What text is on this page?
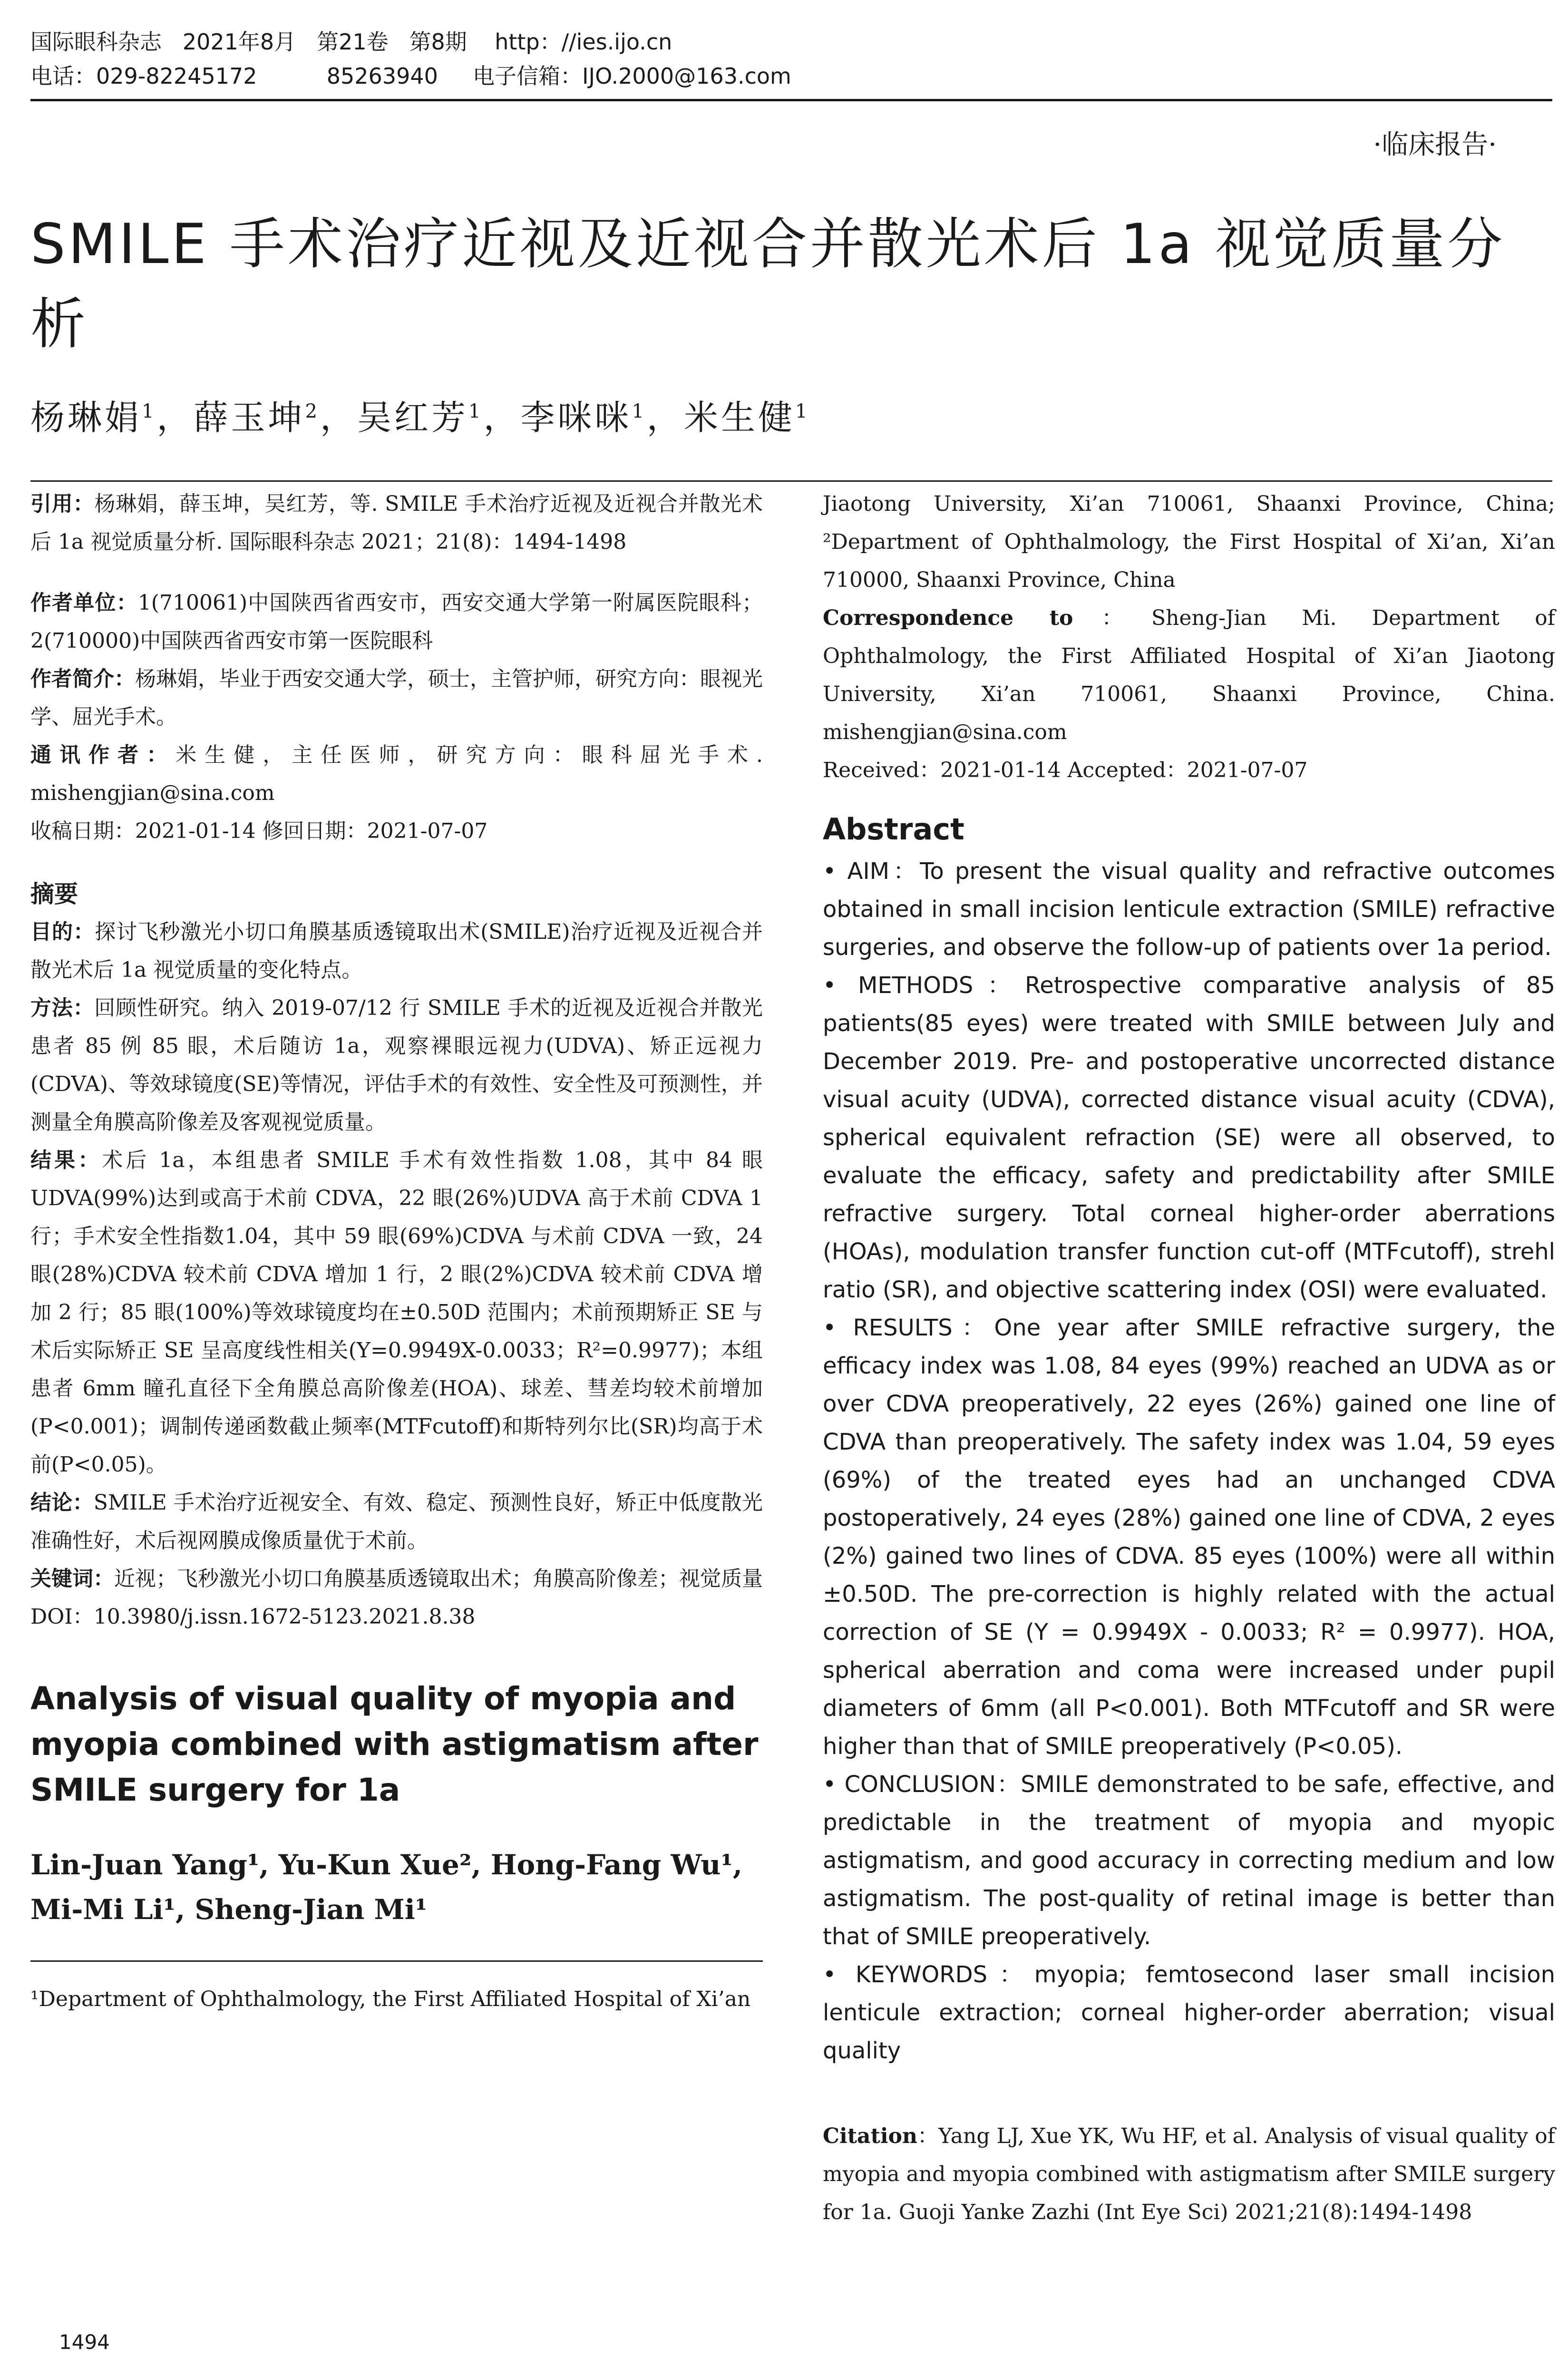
国际眼科杂志   2021年8月   第21卷   第8期    http：//ies.ijo.cn
电话：029-82245172          85263940     电子信箱：IJO.2000@163.com
·临床报告·
SMILE 手术治疗近视及近视合并散光术后 1a 视觉质量分析
杨琳娟$^1$，薛玉坤$^2$，吴红芳$^1$，李咪咪$^1$，米生健$^1$

引用：杨琳娟，薛玉坤，吴红芳，等. SMILE 手术治疗近视及近视合并散光术后 1a 视觉质量分析. 国际眼科杂志 2021；21(8)：1494-1498

作者单位：1(710061)中国陕西省西安市，西安交通大学第一附属医院眼科；2(710000)中国陕西省西安市第一医院眼科

作者简介：杨琳娟，毕业于西安交通大学，硕士，主管护师，研究方向：眼视光学、屈光手术。

通讯作者：米生健，主任医师，研究方向：眼科屈光手术. mishengjian@sina.com

收稿日期：2021-01-14 修回日期：2021-07-07

摘要

目的：探讨飞秒激光小切口角膜基质透镜取出术(SMILE)治疗近视及近视合并散光术后 1a 视觉质量的变化特点。

方法：回顾性研究。纳入 2019-07/12 行 SMILE 手术的近视及近视合并散光患者 85 例 85 眼，术后随访 1a，观察裸眼远视力(UDVA)、矫正远视力(CDVA)、等效球镜度(SE)等情况，评估手术的有效性、安全性及可预测性，并测量全角膜高阶像差及客观视觉质量。

结果：术后 1a，本组患者 SMILE 手术有效性指数 1.08，其中 84 眼 UDVA(99%)达到或高于术前 CDVA，22 眼(26%)UDVA 高于术前 CDVA 1 行；手术安全性指数1.04，其中 59 眼(69%)CDVA 与术前 CDVA 一致，24 眼(28%)CDVA 较术前 CDVA 增加 1 行，2 眼(2%)CDVA 较术前 CDVA 增加 2 行；85 眼(100%)等效球镜度均在±0.50D 范围内；术前预期矫正 SE 与术后实际矫正 SE 呈高度线性相关(Y=0.9949X-0.0033；R²=0.9977)；本组患者 6mm 瞳孔直径下全角膜总高阶像差(HOA)、球差、彗差均较术前增加(P<0.001)；调制传递函数截止频率(MTFcutoff)和斯特列尔比(SR)均高于术前(P<0.05)。

结论：SMILE 手术治疗近视安全、有效、稳定、预测性良好，矫正中低度散光准确性好，术后视网膜成像质量优于术前。

关键词：近视；飞秒激光小切口角膜基质透镜取出术；角膜高阶像差；视觉质量

DOI：10.3980/j.issn.1672-5123.2021.8.38

Analysis of visual quality of myopia and myopia combined with astigmatism after SMILE surgery for 1a

Lin-Juan Yang¹, Yu-Kun Xue², Hong-Fang Wu¹,
Mi-Mi Li¹, Sheng-Jian Mi¹

¹Department of Ophthalmology, the First Affiliated Hospital of Xi’an

Jiaotong University, Xi’an 710061, Shaanxi Province, China; ²Department of Ophthalmology, the First Hospital of Xi’an, Xi’an 710000, Shaanxi Province, China

Correspondence to：Sheng-Jian Mi. Department of Ophthalmology, the First Affiliated Hospital of Xi’an Jiaotong University, Xi’an 710061, Shaanxi Province, China. mishengjian@sina.com

Received：2021-01-14 Accepted：2021-07-07

Abstract

• AIM：To present the visual quality and refractive outcomes obtained in small incision lenticule extraction (SMILE) refractive surgeries, and observe the follow-up of patients over 1a period.

• METHODS：Retrospective comparative analysis of 85 patients(85 eyes) were treated with SMILE between July and December 2019. Pre- and postoperative uncorrected distance visual acuity (UDVA), corrected distance visual acuity (CDVA), spherical equivalent refraction (SE) were all observed, to evaluate the efficacy, safety and predictability after SMILE refractive surgery. Total corneal higher-order aberrations (HOAs), modulation transfer function cut-off (MTFcutoff), strehl ratio (SR), and objective scattering index (OSI) were evaluated.

• RESULTS：One year after SMILE refractive surgery, the efficacy index was 1.08, 84 eyes (99%) reached an UDVA as or over CDVA preoperatively, 22 eyes (26%) gained one line of CDVA than preoperatively. The safety index was 1.04, 59 eyes (69%) of the treated eyes had an unchanged CDVA postoperatively, 24 eyes (28%) gained one line of CDVA, 2 eyes (2%) gained two lines of CDVA. 85 eyes (100%) were all within ±0.50D. The pre-correction is highly related with the actual correction of SE (Y = 0.9949X - 0.0033; R² = 0.9977). HOA, spherical aberration and coma were increased under pupil diameters of 6mm (all P<0.001). Both MTFcutoff and SR were higher than that of SMILE preoperatively (P<0.05).

• CONCLUSION：SMILE demonstrated to be safe, effective, and predictable in the treatment of myopia and myopic astigmatism, and good accuracy in correcting medium and low astigmatism. The post-quality of retinal image is better than that of SMILE preoperatively.

• KEYWORDS：myopia; femtosecond laser small incision lenticule extraction; corneal higher-order aberration; visual quality

Citation：Yang LJ, Xue YK, Wu HF, et al. Analysis of visual quality of myopia and myopia combined with astigmatism after SMILE surgery for 1a. Guoji Yanke Zazhi (Int Eye Sci) 2021;21(8):1494-1498

1494
